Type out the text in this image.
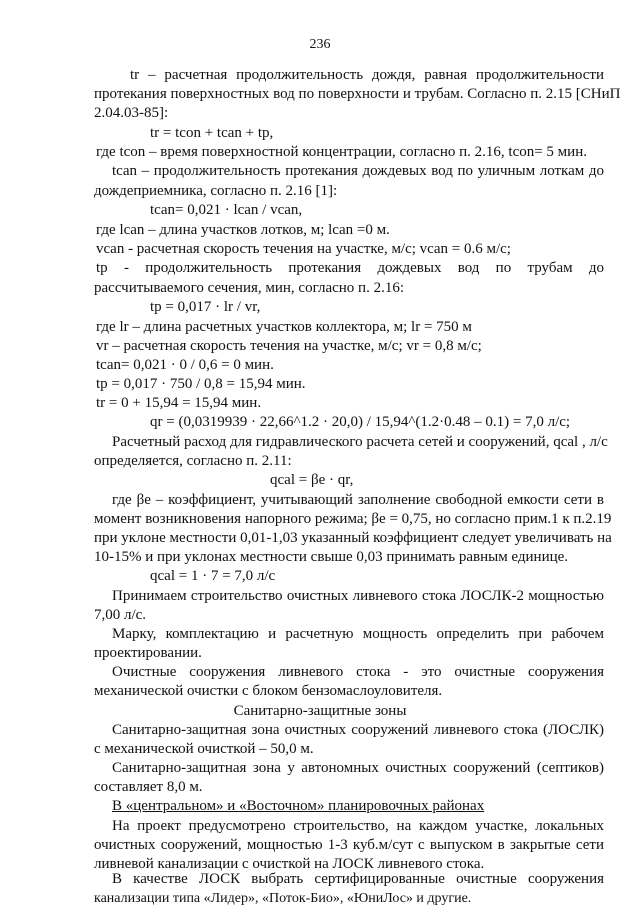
236
tr – расчетная продолжительность дождя, равная продолжительности
протекания поверхностных вод по поверхности и трубам. Согласно п. 2.15 [СНиП
2.04.03-85]:
tr = tcon + tcan + tp,
где tcon – время поверхностной концентрации, согласно п. 2.16, tcon= 5 мин.
tcan – продолжительность протекания дождевых вод по уличным лоткам до
дождеприемника, согласно п. 2.16 [1]:
tcan= 0,021 · lcan / vcan,
где lcan – длина участков лотков, м; lcan =0 м.
vcan - расчетная скорость течения на участке, м/с; vcan = 0.6 м/с;
tp - продолжительность протекания дождевых вод по трубам до
рассчитываемого сечения, мин, согласно п. 2.16:
tp = 0,017 · lr / vr,
где lr – длина расчетных участков коллектора, м; lr = 750 м
vr – расчетная скорость течения на участке, м/с; vr = 0,8 м/с;
tcan= 0,021 · 0 / 0,6 = 0 мин.
tp = 0,017 · 750 / 0,8 = 15,94 мин.
tr = 0 + 15,94 = 15,94 мин.
qr = (0,0319939 · 22,66^1.2 · 20,0) / 15,94^(1.2·0.48 – 0.1) = 7,0 л/с;
Расчетный расход для гидравлического расчета сетей и сооружений, qcal , л/с
определяется, согласно п. 2.11:
qcal = βe · qr,
где βe – коэффициент, учитывающий заполнение свободной емкости сети в
момент возникновения напорного режима; βe = 0,75, но согласно прим.1 к п.2.19
при уклоне местности 0,01-1,03 указанный коэффициент следует увеличивать на
10-15% и при уклонах местности свыше 0,03 принимать равным единице.
qcal = 1 · 7 = 7,0 л/с
Принимаем строительство очистных ливневого стока ЛОСЛК-2 мощностью
7,00 л/с.
Марку, комплектацию и расчетную мощность определить при рабочем
проектировании.
Очистные сооружения ливневого стока - это очистные сооружения
механической очистки с блоком бензомаслоуловителя.
Санитарно-защитные зоны
Санитарно-защитная зона очистных сооружений ливневого стока (ЛОСЛК)
с механической очисткой – 50,0 м.
Санитарно-защитная зона у автономных очистных сооружений (септиков)
составляет 8,0 м.
В «центральном» и «Восточном» планировочных районах
На проект предусмотрено строительство, на каждом участке, локальных
очистных сооружений, мощностью 1-3 куб.м/сут с выпуском в закрытые сети
ливневой канализации с очисткой на ЛОСК ливневого стока.
В качестве ЛОСК выбрать сертифицированные очистные сооружения
канализации типа «Лидер», «Поток-Био», «ЮниЛос» и другие.
